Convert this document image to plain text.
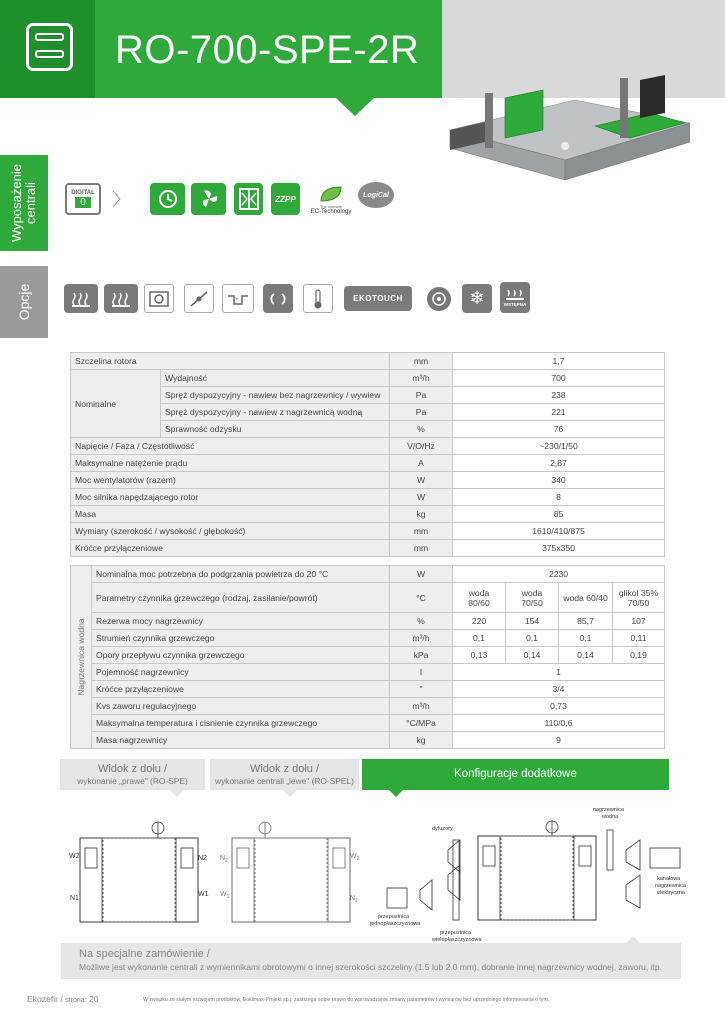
RO-700-SPE-2R
Wyposażenie centrali
Opcje
DIGITAL
0 〉	ZZPP
The ultimate
EC-Technology
LogiCal
+	EKOTOUCH	❄	WSTĘPNA
Szczelina rotora		mm	1,7
Nominalne	Wydajność	m³/h	700
	Spręż dyspozycyjny - nawiew bez nagrzewnicy / wywiew	Pa	238
	Spręż dyspozycyjny - nawiew z nagrzewnicą wodną	Pa	221
	Sprawność odzysku	%	76
Napięcie / Faza / Częstotliwość		V/O/Hz	~230/1/50
Maksymalne natężenie prądu		A	2,87
Moc wentylatorów (razem)		W	340
Moc silnika napędzającego rotor		W	8
Masa		kg	85
Wymiary (szerokość / wysokość / głębokość)		mm	1610/410/875
Króćce przyłączeniowe		mm	375x350
Nagrzewnica wodna	Nominalna moc potrzebna do podgrzania powietrza do 20 °C	W	2230			
	Parametry czynnika grzewczego (rodzaj, zasilanie/powrót)	°C	woda 80/60	woda 70/50	woda 60/40	glikol 35% 70/50
	Rezerwa mocy nagrzewnicy	%	220	154	85,7	107
	Strumień czynnika grzewczego	m³/h	0,1	0,1	0,1	0,11
	Opory przepływu czynnika grzewczego	kPa	0,13	0,14	0,14	0,19
	Pojemność nagrzewnicy	l	1			
	Króćce przyłączeniowe	"	3/4			
	Kvs zaworu regulacyjnego	m³/h	0,73			
	Maksymalna temperatura i cisnienie czynnika grzewczego	°C/MPa	110/0,6			
	Masa nagrzewnicy	kg	9			
Widok z dołu /
wykonanie „prawe" (RO-SPE)
Widok z dołu /
wykonanie centrali „lewe" (RO-SPEL)
Konfiguracje dodatkowe
W2	N2
W1
N1
$N_2$
$W_2$
$W_1$	$N_1$
dyfuzory
nagrzewnica
wodna
kanałowa
nagrzewnica
elektryczna
przepustnica
jednopłaszczyznowa
przepustnica
wielopłaszczyznowa
Na specjalne zamówienie /
Możliwe jest wykonanie centrali z wymiennikami obrotowymi o innej szerokości szczeliny (1.5 lub 2.0 mm), dobranie innej nagrzewnicy wodnej, zaworu, itp.
Ekozefir / strona: 20	W związku ze stałym rozwojem produktów, Eoklimax-Projekt sp.j. zastrzega sobie prawo do wprowadzania zmiany parametrów i wymiarów bez uprzedniego informowania o tym.
